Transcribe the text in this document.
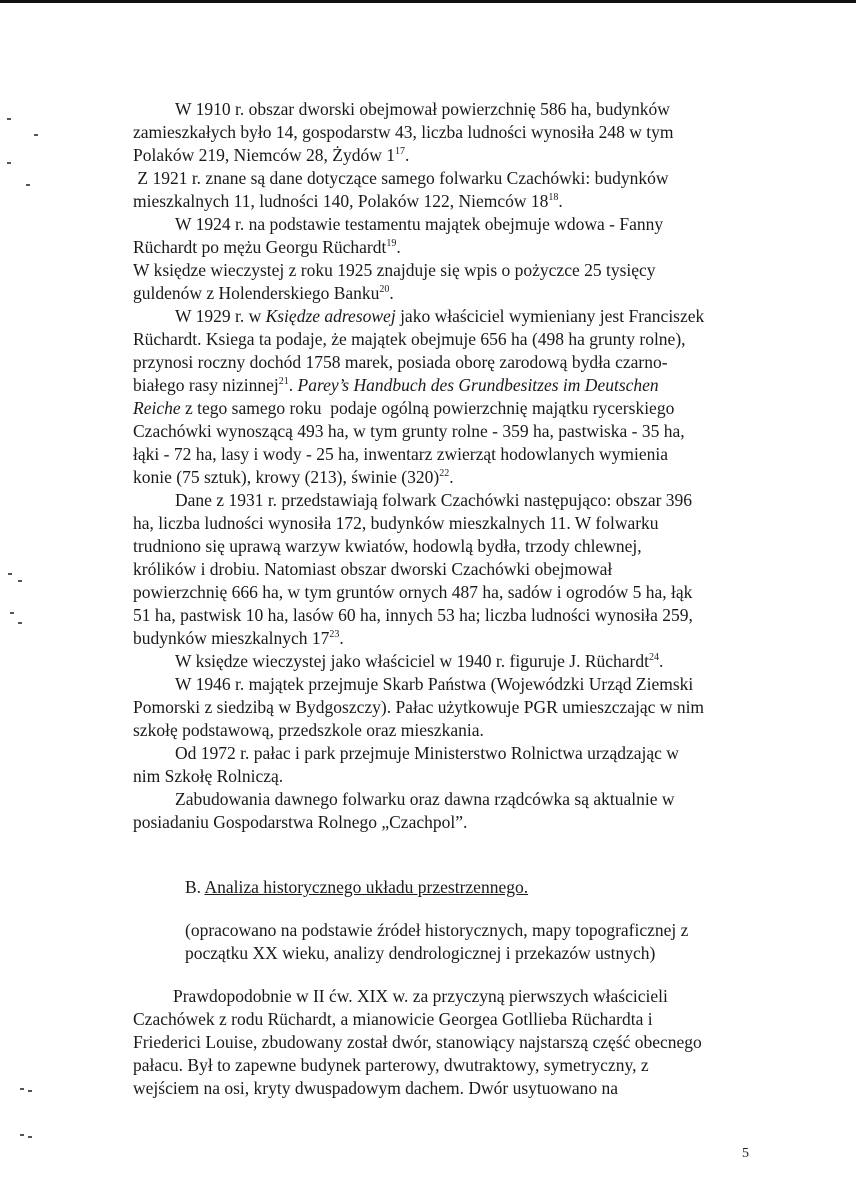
W 1910 r. obszar dworski obejmował powierzchnię 586 ha, budynków
zamieszkałych było 14, gospodarstw 43, liczba ludności wynosiła 248 w tym
Polaków 219, Niemców 28, Żydów $1^{17}$.

Z 1921 r. znane są dane dotyczące samego folwarku Czachówki: budynków
mieszkalnych 11, ludności 140, Polaków 122, Niemców $18^{18}$.

W 1924 r. na podstawie testamentu majątek obejmuje wdowa - Fanny
Rüchardt po mężu Georgu Rüchardt$^{19}$.

W księdze wieczystej z roku 1925 znajduje się wpis o pożyczce 25 tysięcy
guldenów z Holenderskiego Banku$^{20}$.

W 1929 r. w Księdze adresowej jako właściciel wymieniany jest Franciszek
Rüchardt. Ksiega ta podaje, że majątek obejmuje 656 ha (498 ha grunty rolne),
przynosi roczny dochód 1758 marek, posiada oborę zarodową bydła czarno-
białego rasy nizinnej$^{21}$. Parey’s Handbuch des Grundbesitzes im Deutschen
Reiche z tego samego roku  podaje ogólną powierzchnię majątku rycerskiego
Czachówki wynoszącą 493 ha, w tym grunty rolne - 359 ha, pastwiska - 35 ha,
łąki - 72 ha, lasy i wody - 25 ha, inwentarz zwierząt hodowlanych wymienia
konie (75 sztuk), krowy (213), świnie $(320)^{22}$.

Dane z 1931 r. przedstawiają folwark Czachówki następująco: obszar 396
ha, liczba ludności wynosiła 172, budynków mieszkalnych 11. W folwarku
trudniono się uprawą warzyw kwiatów, hodowlą bydła, trzody chlewnej,
królików i drobiu. Natomiast obszar dworski Czachówki obejmował
powierzchnię 666 ha, w tym gruntów ornych 487 ha, sadów i ogrodów 5 ha, łąk
51 ha, pastwisk 10 ha, lasów 60 ha, innych 53 ha; liczba ludności wynosiła 259,
budynków mieszkalnych $17^{23}$.

W księdze wieczystej jako właściciel w 1940 r. figuruje J. Rüchardt$^{24}$.

W 1946 r. majątek przejmuje Skarb Państwa (Wojewódzki Urząd Ziemski
Pomorski z siedzibą w Bydgoszczy). Pałac użytkowuje PGR umieszczając w nim
szkołę podstawową, przedszkole oraz mieszkania.

Od 1972 r. pałac i park przejmuje Ministerstwo Rolnictwa urządzając w
nim Szkołę Rolniczą.

Zabudowania dawnego folwarku oraz dawna rządcówka są aktualnie w
posiadaniu Gospodarstwa Rolnego „Czachpol”.

B. Analiza historycznego układu przestrzennego.

(opracowano na podstawie źródeł historycznych, mapy topograficznej z
początku XX wieku, analizy dendrologicznej i przekazów ustnych)

Prawdopodobnie w II ćw. XIX w. za przyczyną pierwszych właścicieli
Czachówek z rodu Rüchardt, a mianowicie Georgea Gotllieba Rüchardta i
Friederici Louise, zbudowany został dwór, stanowiący najstarszą część obecnego
pałacu. Był to zapewne budynek parterowy, dwutraktowy, symetryczny, z
wejściem na osi, kryty dwuspadowym dachem. Dwór usytuowano na

5
